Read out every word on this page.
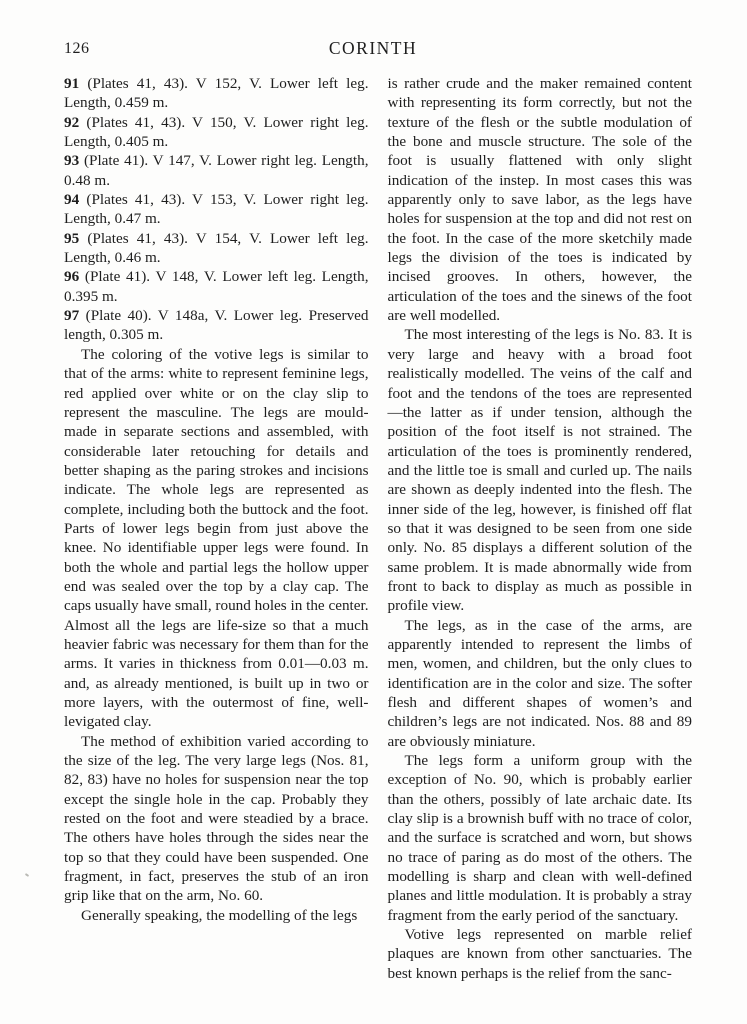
126	CORINTH

91 (Plates 41, 43). V 152, V. Lower left leg. Length, 0.459 m.

92 (Plates 41, 43). V 150, V. Lower right leg. Length, 0.405 m.

93 (Plate 41). V 147, V. Lower right leg. Length, 0.48 m.

94 (Plates 41, 43). V 153, V. Lower right leg. Length, 0.47 m.

95 (Plates 41, 43). V 154, V. Lower left leg. Length, 0.46 m.

96 (Plate 41). V 148, V. Lower left leg. Length, 0.395 m.

97 (Plate 40). V 148a, V. Lower leg. Preserved length, 0.305 m.

The coloring of the votive legs is similar to that of the arms: white to represent feminine legs, red applied over white or on the clay slip to represent the masculine. The legs are mould-made in separate sections and assembled, with considerable later retouching for details and better shaping as the paring strokes and incisions indicate. The whole legs are represented as complete, including both the buttock and the foot. Parts of lower legs begin from just above the knee. No identifiable upper legs were found. In both the whole and partial legs the hollow upper end was sealed over the top by a clay cap. The caps usually have small, round holes in the center. Almost all the legs are life-size so that a much heavier fabric was necessary for them than for the arms. It varies in thickness from 0.01—0.03 m. and, as already mentioned, is built up in two or more layers, with the outermost of fine, well-levigated clay.

The method of exhibition varied according to the size of the leg. The very large legs (Nos. 81, 82, 83) have no holes for suspension near the top except the single hole in the cap. Probably they rested on the foot and were steadied by a brace. The others have holes through the sides near the top so that they could have been suspended. One fragment, in fact, preserves the stub of an iron grip like that on the arm, No. 60.

Generally speaking, the modelling of the legs

is rather crude and the maker remained content with representing its form correctly, but not the texture of the flesh or the subtle modulation of the bone and muscle structure. The sole of the foot is usually flattened with only slight indication of the instep. In most cases this was apparently only to save labor, as the legs have holes for suspension at the top and did not rest on the foot. In the case of the more sketchily made legs the division of the toes is indicated by incised grooves. In others, however, the articulation of the toes and the sinews of the foot are well modelled.

The most interesting of the legs is No. 83. It is very large and heavy with a broad foot realistically modelled. The veins of the calf and foot and the tendons of the toes are represented —the latter as if under tension, although the position of the foot itself is not strained. The articulation of the toes is prominently rendered, and the little toe is small and curled up. The nails are shown as deeply indented into the flesh. The inner side of the leg, however, is finished off flat so that it was designed to be seen from one side only. No. 85 displays a different solution of the same problem. It is made abnormally wide from front to back to display as much as possible in profile view.

The legs, as in the case of the arms, are apparently intended to represent the limbs of men, women, and children, but the only clues to identification are in the color and size. The softer flesh and different shapes of women’s and children’s legs are not indicated. Nos. 88 and 89 are obviously miniature.

The legs form a uniform group with the exception of No. 90, which is probably earlier than the others, possibly of late archaic date. Its clay slip is a brownish buff with no trace of color, and the surface is scratched and worn, but shows no trace of paring as do most of the others. The modelling is sharp and clean with well-defined planes and little modulation. It is probably a stray fragment from the early period of the sanctuary.

Votive legs represented on marble relief plaques are known from other sanctuaries. The best known perhaps is the relief from the sanc-
